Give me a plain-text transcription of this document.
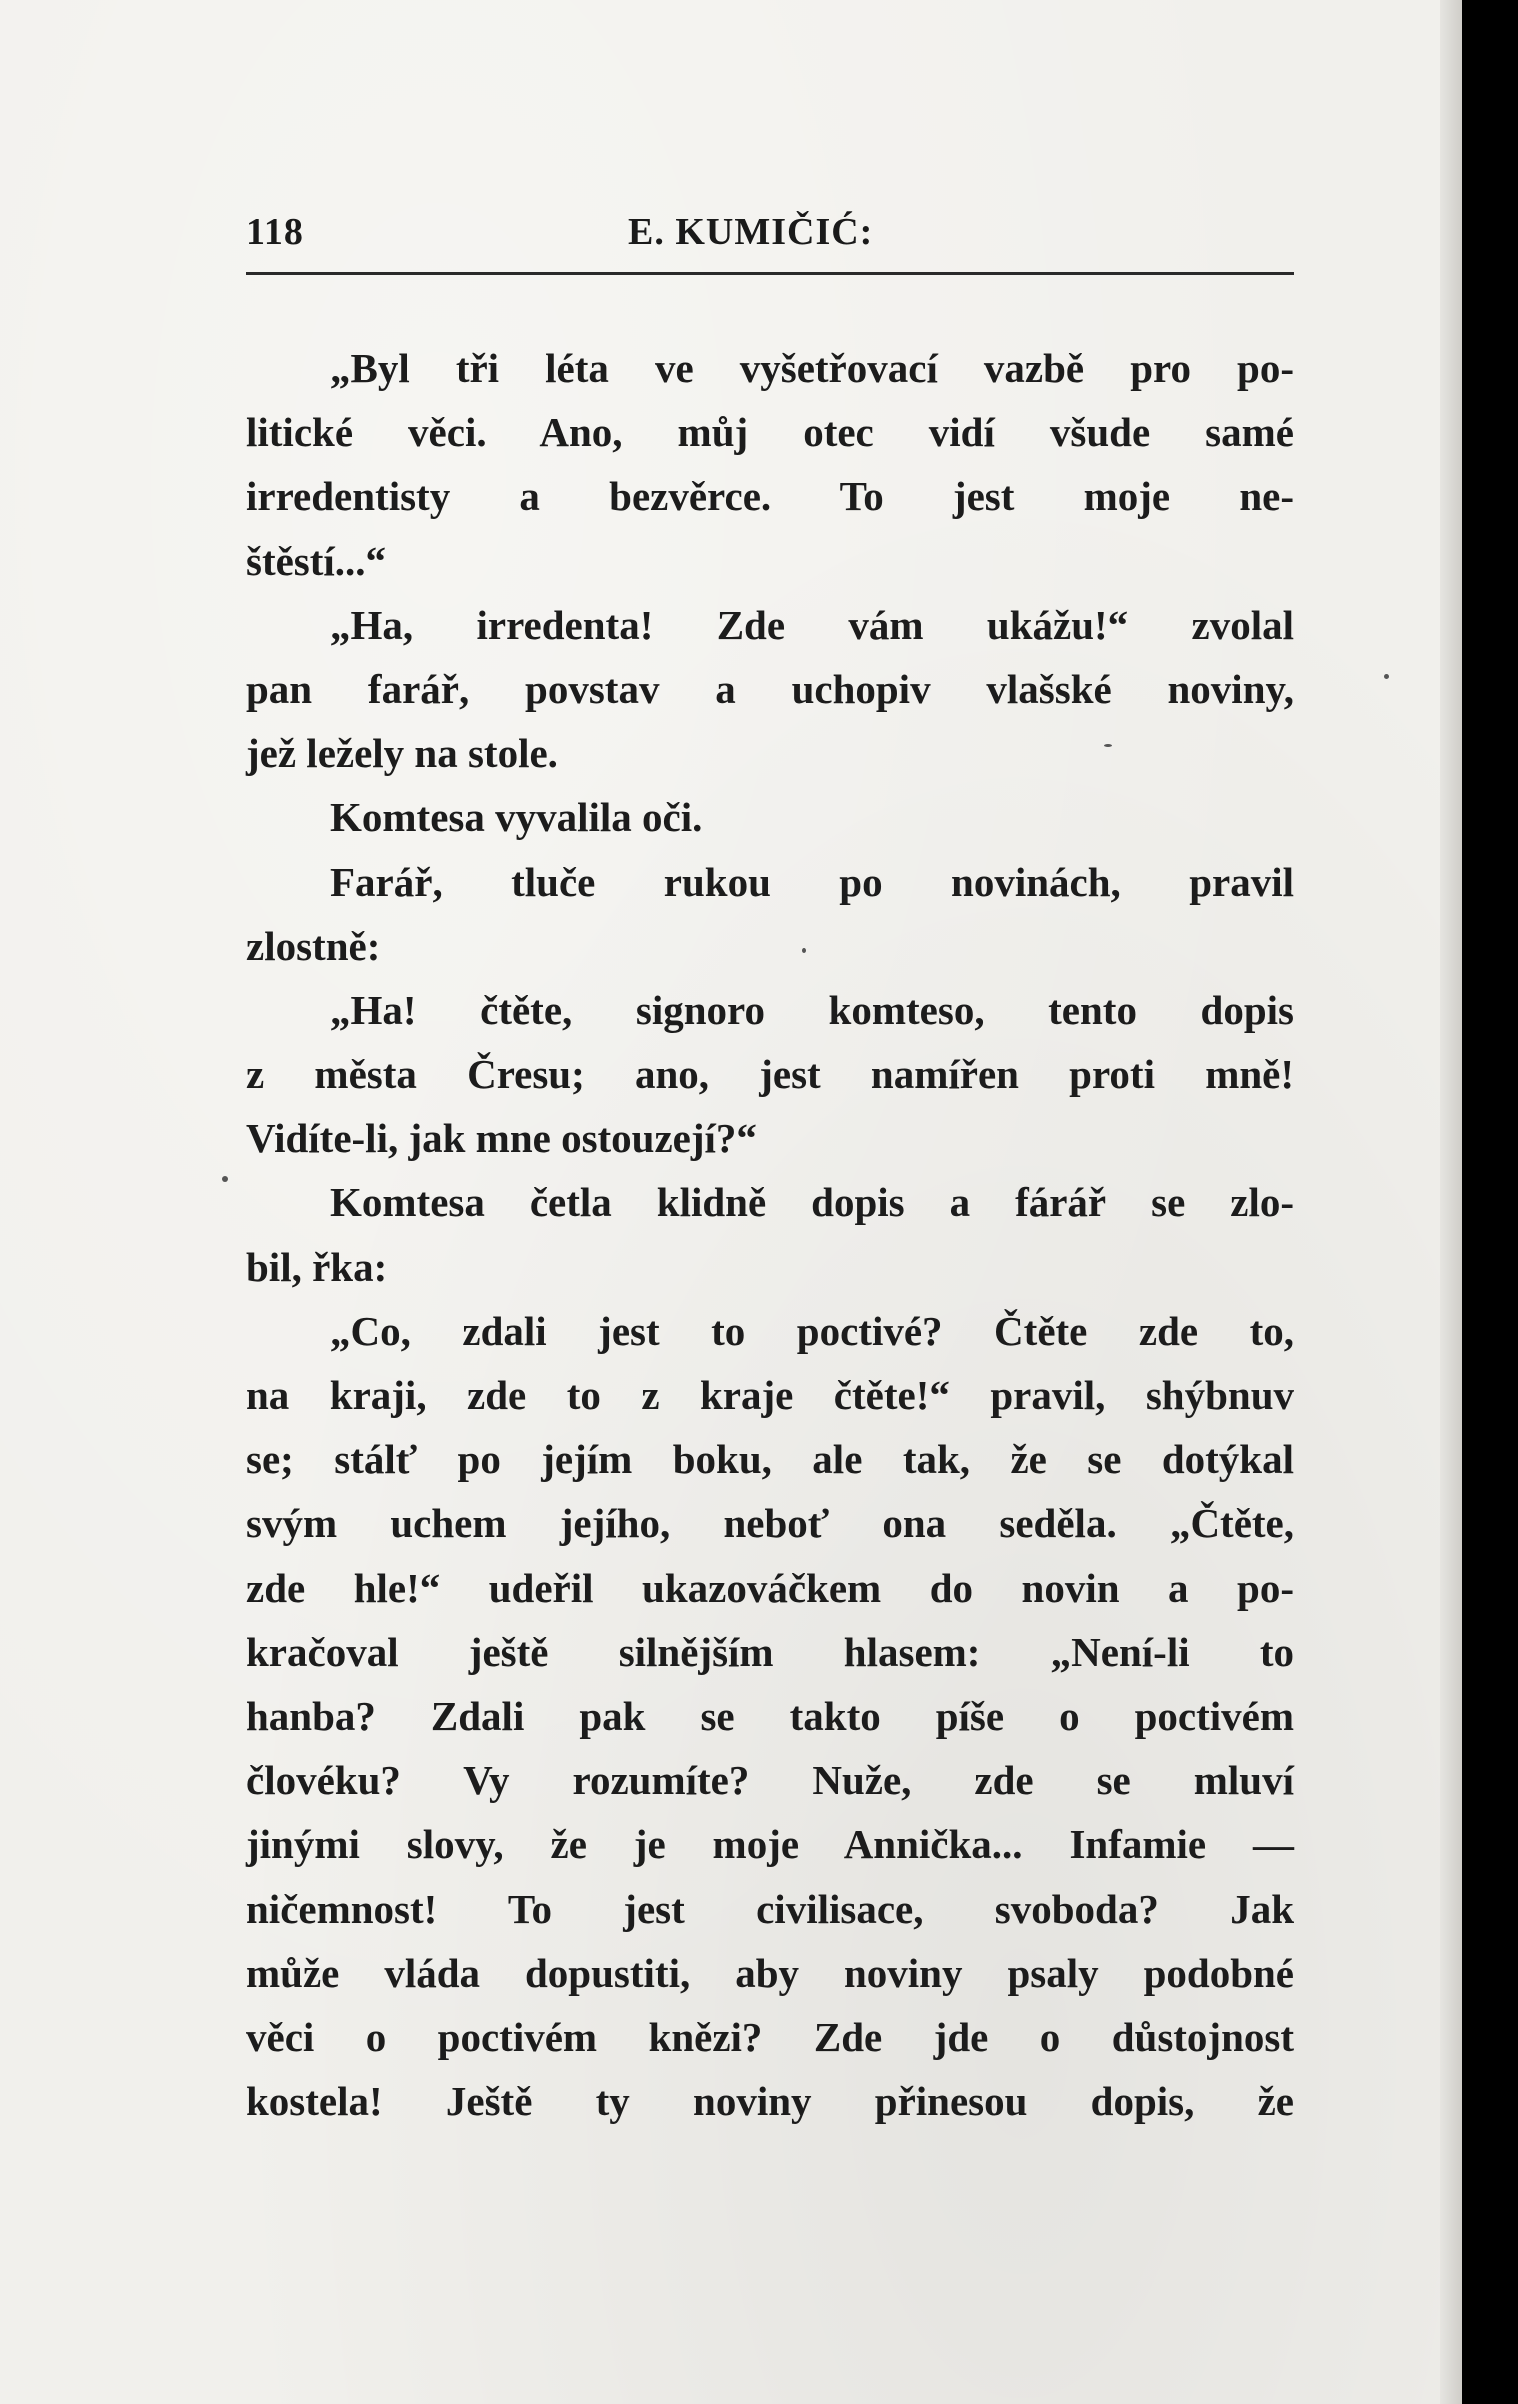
118	E. KUMIČIĆ:
„Byl tři léta ve vyšetřovací vazbě pro po-
litické věci. Ano, můj otec vidí všude samé
irredentisty a bezvěrce. To jest moje ne-
štěstí...“
„Ha, irredenta! Zde vám ukážu!“ zvolal
pan farář, povstav a uchopiv vlašské noviny,
jež ležely na stole.
Komtesa vyvalila oči.
Farář, tluče rukou po novinách, pravil
zlostně:
„Ha! čtěte, signoro komteso, tento dopis
z města Čresu; ano, jest namířen proti mně!
Vidíte-li, jak mne ostouzejí?“
Komtesa četla klidně dopis a fárář se zlo-
bil, řka:
„Co, zdali jest to poctivé? Čtěte zde to,
na kraji, zde to z kraje čtěte!“ pravil, shýbnuv
se; stálť po jejím boku, ale tak, že se dotýkal
svým uchem jejího, neboť ona seděla. „Čtěte,
zde hle!“ udeřil ukazováčkem do novin a po-
kračoval ještě silnějším hlasem: „Není-li to
hanba? Zdali pak se takto píše o poctivém
človéku? Vy rozumíte? Nuže, zde se mluví
jinými slovy, že je moje Annička... Infamie —
ničemnost! To jest civilisace, svoboda? Jak
může vláda dopustiti, aby noviny psaly podobné
věci o poctivém knězi? Zde jde o důstojnost
kostela! Ještě ty noviny přinesou dopis, že
